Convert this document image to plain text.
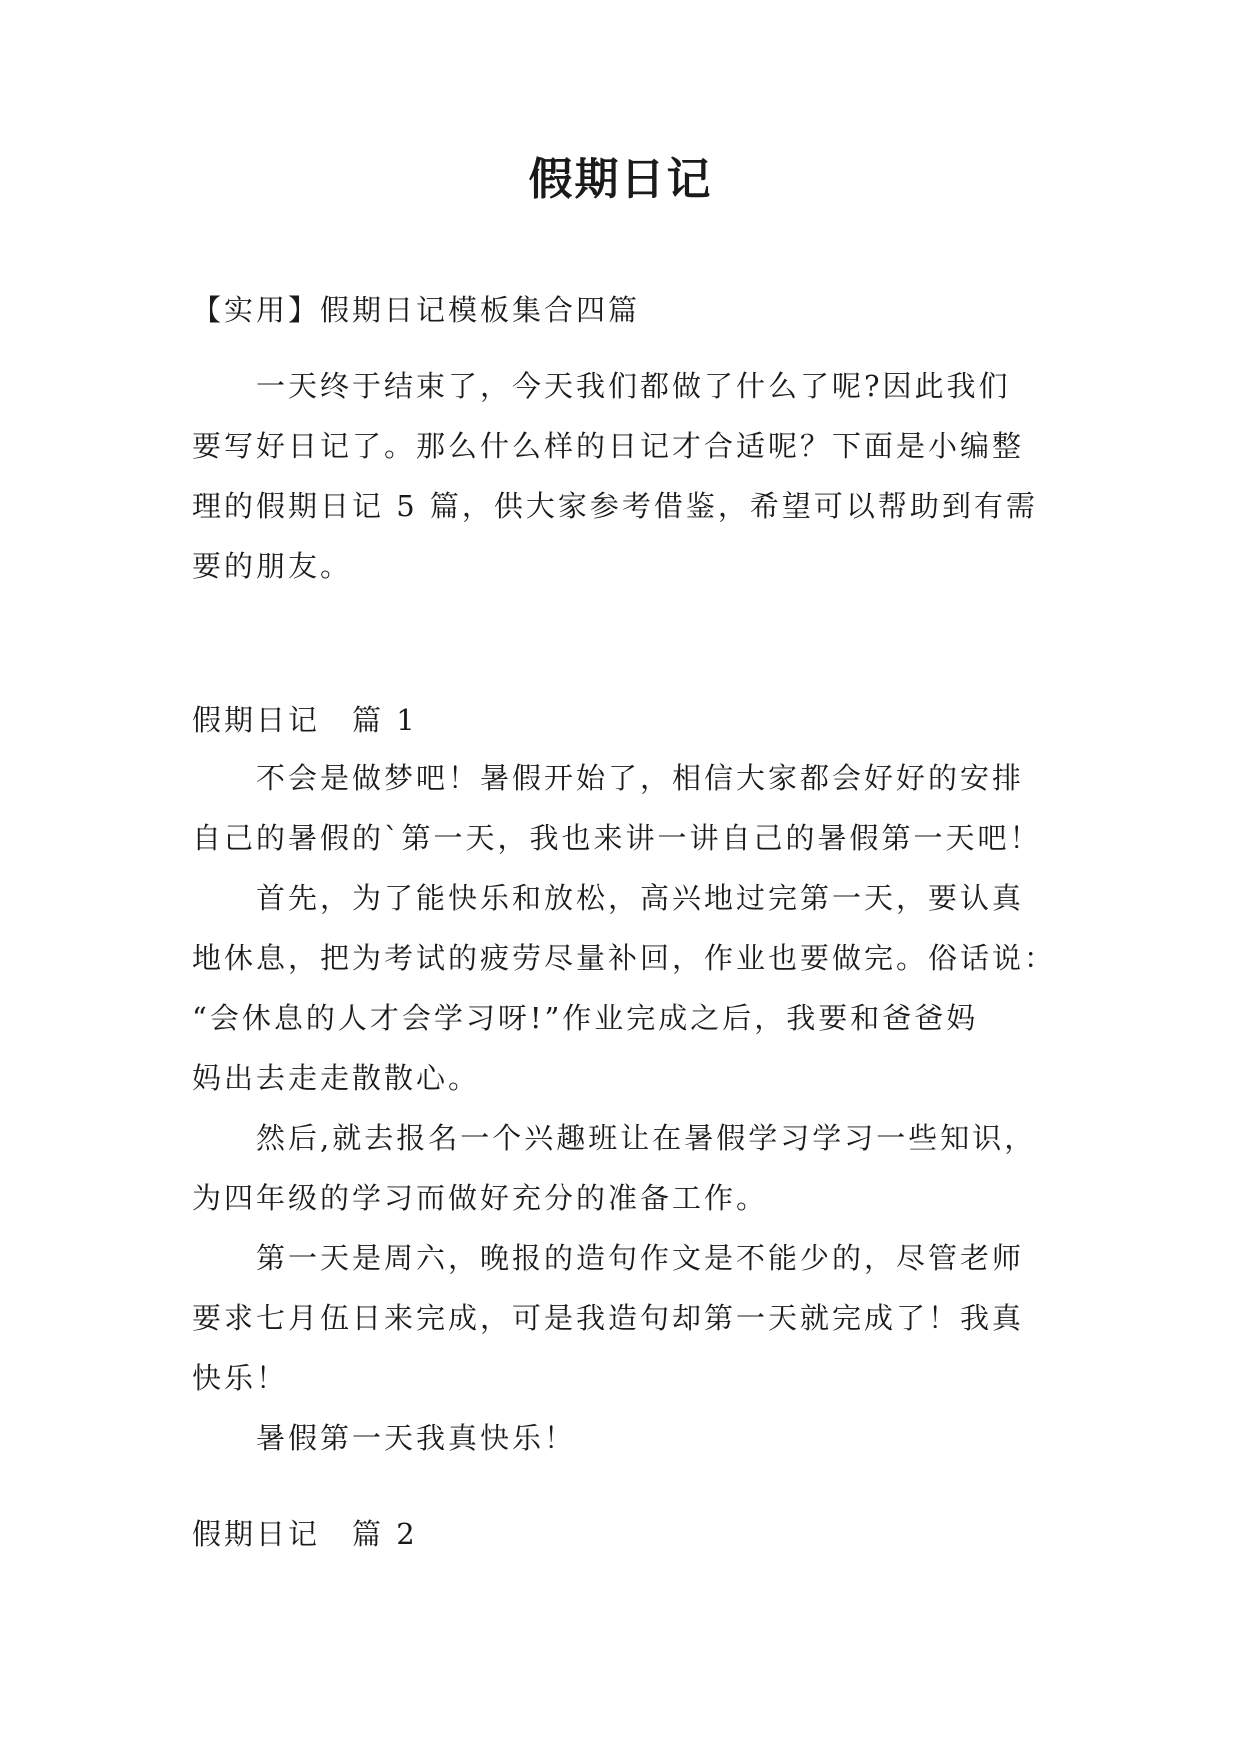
假期日记
【实用】假期日记模板集合四篇
　　一天终于结束了，今天我们都做了什么了呢?因此我们
要写好日记了。那么什么样的日记才合适呢？下面是小编整
理的假期日记 5 篇，供大家参考借鉴，希望可以帮助到有需
要的朋友。
假期日记　篇 1
　　不会是做梦吧！暑假开始了，相信大家都会好好的安排
自己的暑假的`第一天，我也来讲一讲自己的暑假第一天吧！
　　首先，为了能快乐和放松，高兴地过完第一天，要认真
地休息，把为考试的疲劳尽量补回，作业也要做完。俗话说：
“会休息的人才会学习呀!”作业完成之后，我要和爸爸妈
妈出去走走散散心。
　　然后,就去报名一个兴趣班让在暑假学习学习一些知识，
为四年级的学习而做好充分的准备工作。
　　第一天是周六，晚报的造句作文是不能少的，尽管老师
要求七月伍日来完成，可是我造句却第一天就完成了！我真
快乐！
　　暑假第一天我真快乐！
假期日记　篇 2
